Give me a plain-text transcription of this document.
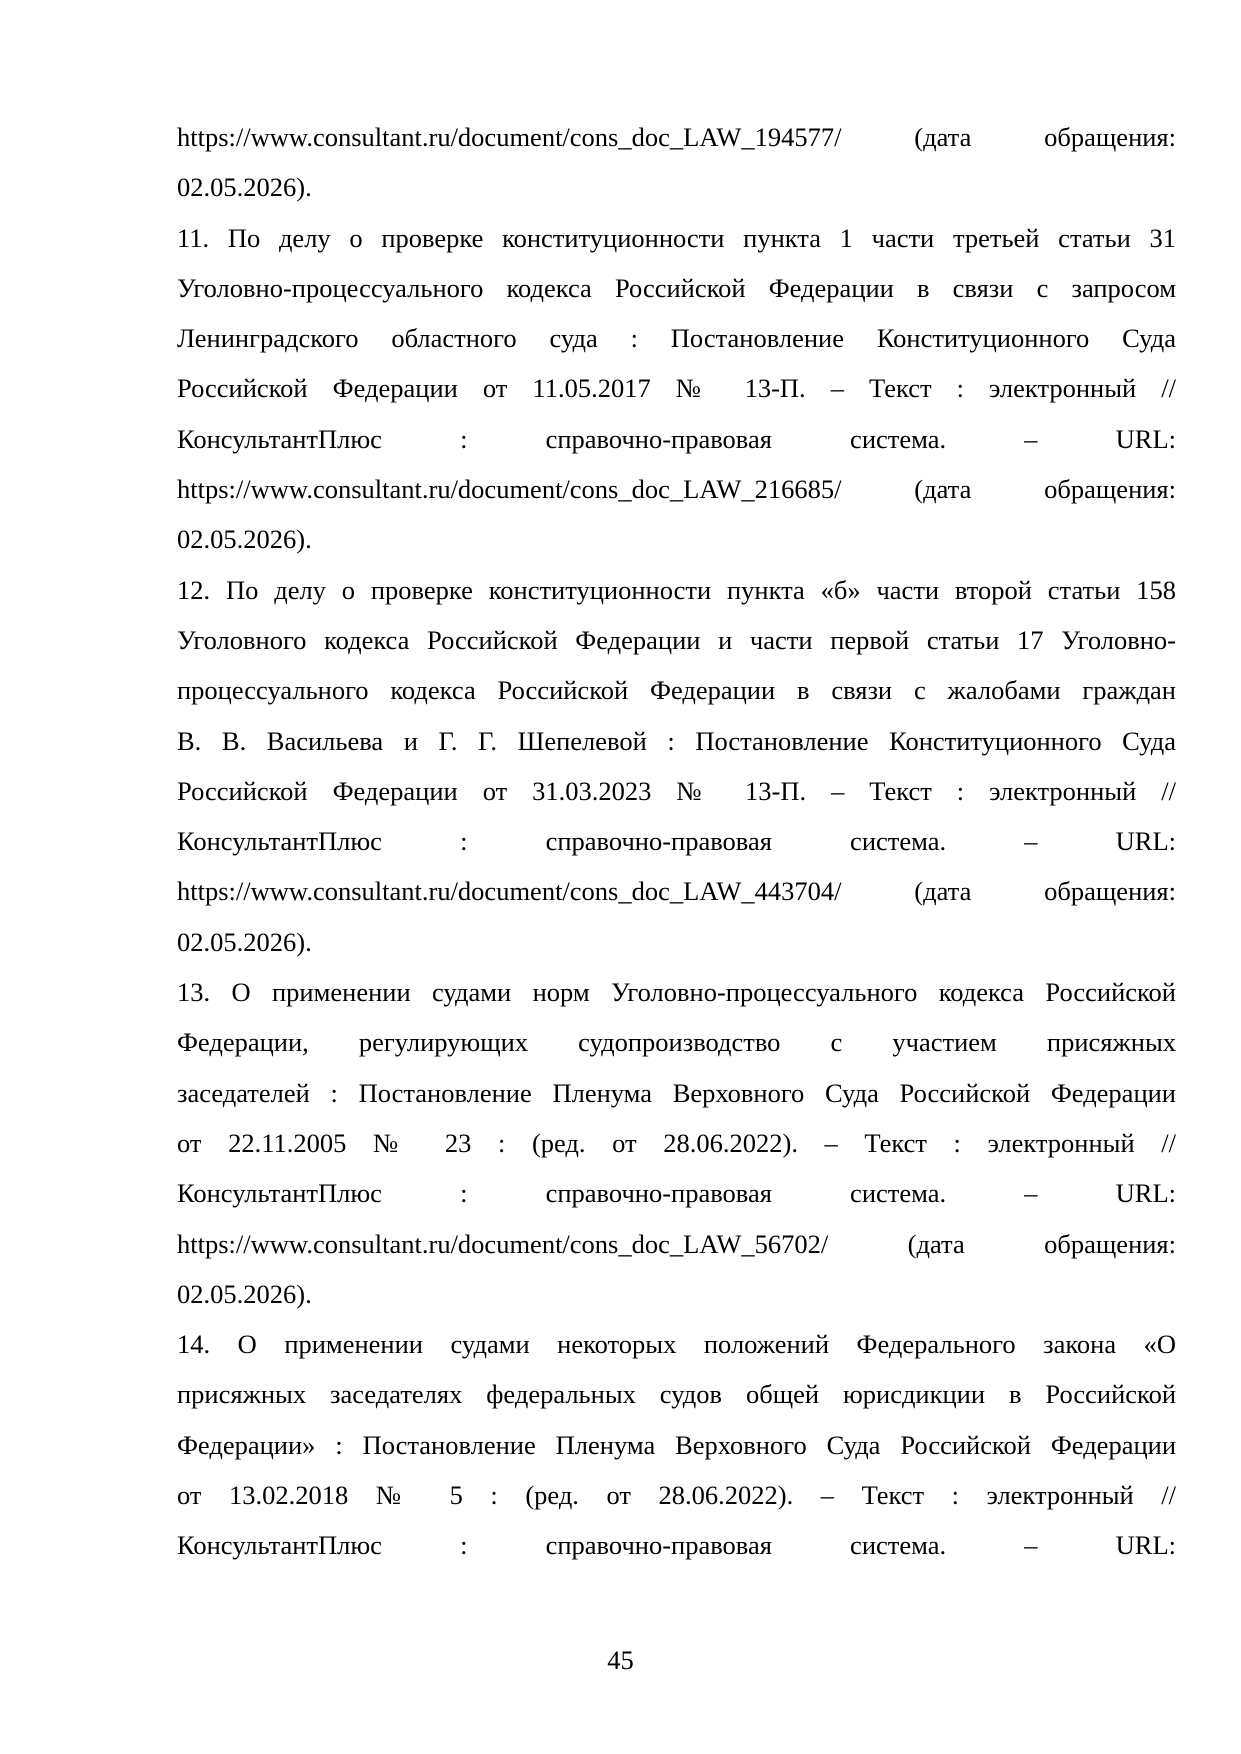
https://www.consultant.ru/document/cons_doc_LAW_194577/ (дата обращения:
02.05.2026).
11. По делу о проверке конституционности пункта 1 части третьей статьи 31
Уголовно-процессуального кодекса Российской Федерации в связи с запросом
Ленинградского областного суда : Постановление Конституционного Суда
Российской Федерации от 11.05.2017 № 13-П. – Текст : электронный //
КонсультантПлюс : справочно-правовая система. – URL:
https://www.consultant.ru/document/cons_doc_LAW_216685/ (дата обращения:
02.05.2026).
12. По делу о проверке конституционности пункта «б» части второй статьи 158
Уголовного кодекса Российской Федерации и части первой статьи 17 Уголовно-
процессуального кодекса Российской Федерации в связи с жалобами граждан
В. В. Васильева и Г. Г. Шепелевой : Постановление Конституционного Суда
Российской Федерации от 31.03.2023 № 13-П. – Текст : электронный //
КонсультантПлюс : справочно-правовая система. – URL:
https://www.consultant.ru/document/cons_doc_LAW_443704/ (дата обращения:
02.05.2026).
13. О применении судами норм Уголовно-процессуального кодекса Российской
Федерации, регулирующих судопроизводство с участием присяжных
заседателей : Постановление Пленума Верховного Суда Российской Федерации
от 22.11.2005 № 23 : (ред. от 28.06.2022). – Текст : электронный //
КонсультантПлюс : справочно-правовая система. – URL:
https://www.consultant.ru/document/cons_doc_LAW_56702/ (дата обращения:
02.05.2026).
14. О применении судами некоторых положений Федерального закона «О
присяжных заседателях федеральных судов общей юрисдикции в Российской
Федерации» : Постановление Пленума Верховного Суда Российской Федерации
от 13.02.2018 № 5 : (ред. от 28.06.2022). – Текст : электронный //
КонсультантПлюс : справочно-правовая система. – URL:
45
